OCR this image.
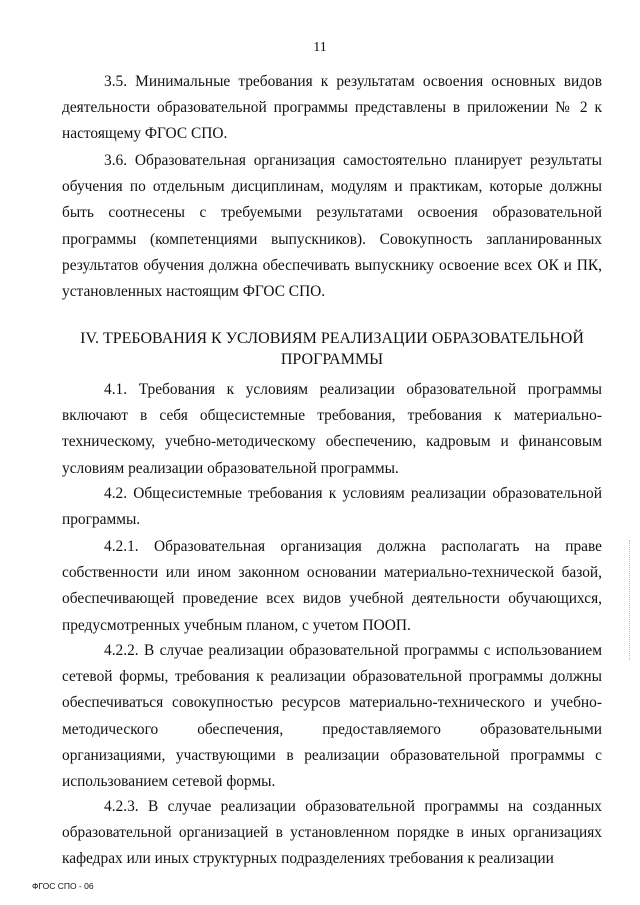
11

3.5. Минимальные требования к результатам освоения основных видов деятельности образовательной программы представлены в приложении № 2 к настоящему ФГОС СПО.

3.6. Образовательная организация самостоятельно планирует результаты обучения по отдельным дисциплинам, модулям и практикам, которые должны быть соотнесены с требуемыми результатами освоения образовательной программы (компетенциями выпускников). Совокупность запланированных результатов обучения должна обеспечивать выпускнику освоение всех ОК и ПК, установленных настоящим ФГОС СПО.

IV. ТРЕБОВАНИЯ К УСЛОВИЯМ РЕАЛИЗАЦИИ ОБРАЗОВАТЕЛЬНОЙ
ПРОГРАММЫ

4.1. Требования к условиям реализации образовательной программы включают в себя общесистемные требования, требования к материально-техническому, учебно-методическому обеспечению, кадровым и финансовым условиям реализации образовательной программы.

4.2. Общесистемные требования к условиям реализации образовательной программы.

4.2.1. Образовательная организация должна располагать на праве собственности или ином законном основании материально-технической базой, обеспечивающей проведение всех видов учебной деятельности обучающихся, предусмотренных учебным планом, с учетом ПООП.

4.2.2. В случае реализации образовательной программы с использованием сетевой формы, требования к реализации образовательной программы должны обеспечиваться совокупностью ресурсов материально-технического и учебно-методического обеспечения, предоставляемого образовательными организациями, участвующими в реализации образовательной программы с использованием сетевой формы.

4.2.3. В случае реализации образовательной программы на созданных образовательной организацией в установленном порядке в иных организациях кафедрах или иных структурных подразделениях требования к реализации

ФГОС СПО - 06
